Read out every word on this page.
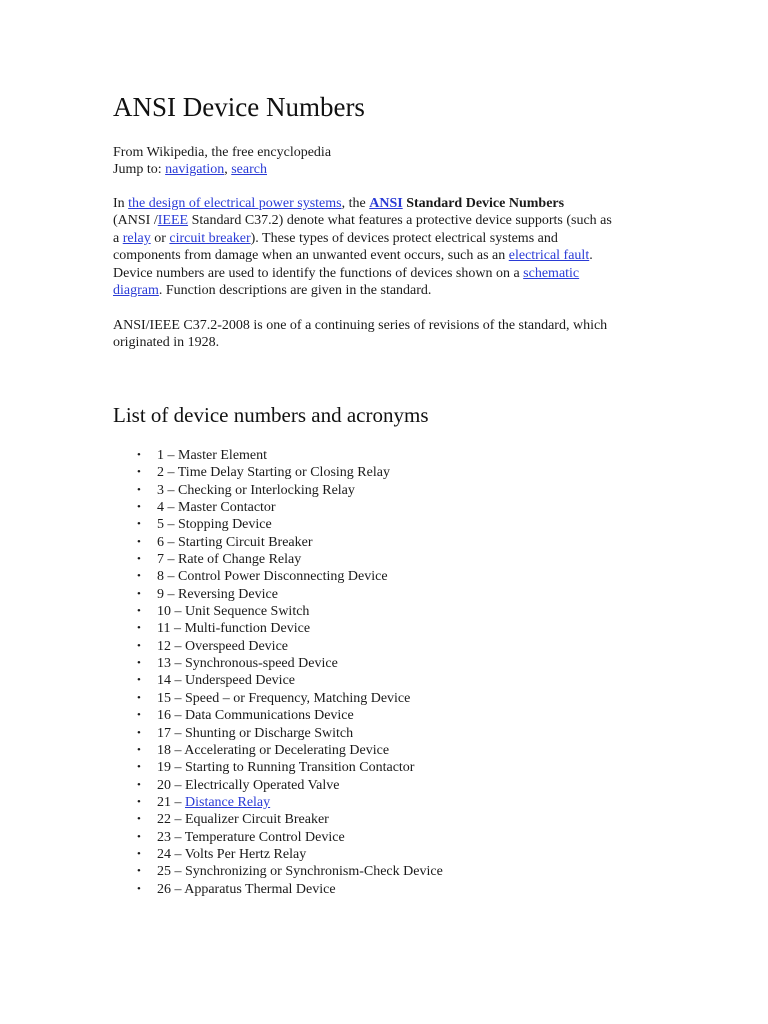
ANSI Device Numbers
From Wikipedia, the free encyclopedia
Jump to: navigation, search
In the design of electrical power systems, the ANSI Standard Device Numbers
(ANSI /IEEE Standard C37.2) denote what features a protective device supports (such as
a relay or circuit breaker). These types of devices protect electrical systems and
components from damage when an unwanted event occurs, such as an electrical fault.
Device numbers are used to identify the functions of devices shown on a schematic
diagram. Function descriptions are given in the standard.
ANSI/IEEE C37.2-2008 is one of a continuing series of revisions of the standard, which
originated in 1928.
List of device numbers and acronyms
• 1 – Master Element
• 2 – Time Delay Starting or Closing Relay
• 3 – Checking or Interlocking Relay
• 4 – Master Contactor
• 5 – Stopping Device
• 6 – Starting Circuit Breaker
• 7 – Rate of Change Relay
• 8 – Control Power Disconnecting Device
• 9 – Reversing Device
• 10 – Unit Sequence Switch
• 11 – Multi-function Device
• 12 – Overspeed Device
• 13 – Synchronous-speed Device
• 14 – Underspeed Device
• 15 – Speed – or Frequency, Matching Device
• 16 – Data Communications Device
• 17 – Shunting or Discharge Switch
• 18 – Accelerating or Decelerating Device
• 19 – Starting to Running Transition Contactor
• 20 – Electrically Operated Valve
• 21 – Distance Relay
• 22 – Equalizer Circuit Breaker
• 23 – Temperature Control Device
• 24 – Volts Per Hertz Relay
• 25 – Synchronizing or Synchronism-Check Device
• 26 – Apparatus Thermal Device
